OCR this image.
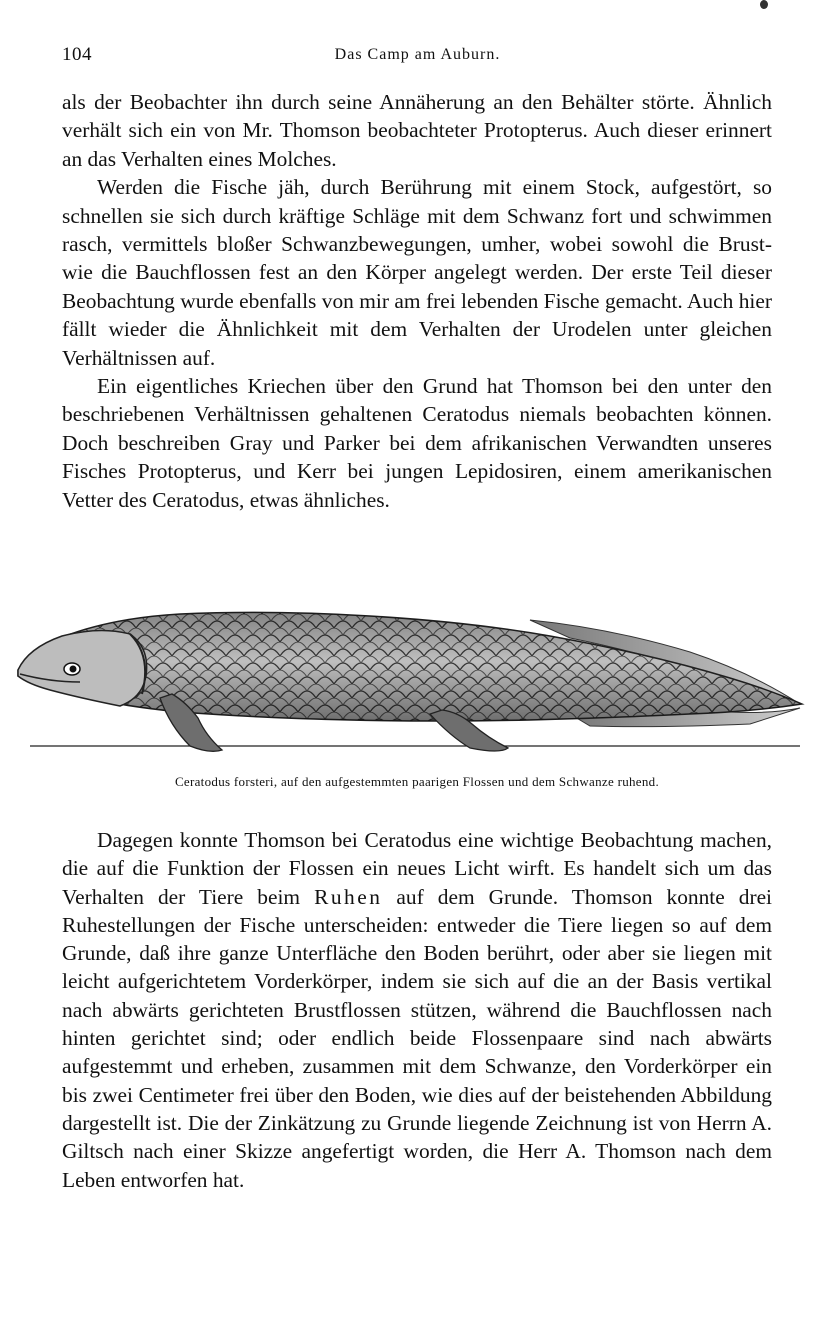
104	Das Camp am Auburn.

als der Beobachter ihn durch seine Annäherung an den Behälter störte. Ähnlich verhält sich ein von Mr. Thomson beobachteter Protopterus. Auch dieser erinnert an das Verhalten eines Molches.

Werden die Fische jäh, durch Berührung mit einem Stock, aufgestört, so schnellen sie sich durch kräftige Schläge mit dem Schwanz fort und schwimmen rasch, vermittels bloßer Schwanzbewegungen, umher, wobei sowohl die Brust- wie die Bauchflossen fest an den Körper angelegt werden. Der erste Teil dieser Beobachtung wurde ebenfalls von mir am frei lebenden Fische gemacht. Auch hier fällt wieder die Ähnlichkeit mit dem Verhalten der Urodelen unter gleichen Verhältnissen auf.

Ein eigentliches Kriechen über den Grund hat Thomson bei den unter den beschriebenen Verhältnissen gehaltenen Ceratodus niemals beobachten können. Doch beschreiben Gray und Parker bei dem afrikanischen Verwandten unseres Fisches Protopterus, und Kerr bei jungen Lepidosiren, einem amerikanischen Vetter des Ceratodus, etwas ähnliches.

Ceratodus forsteri, auf den aufgestemmten paarigen Flossen und dem Schwanze ruhend.

Dagegen konnte Thomson bei Ceratodus eine wichtige Beobachtung machen, die auf die Funktion der Flossen ein neues Licht wirft. Es handelt sich um das Verhalten der Tiere beim Ruhen auf dem Grunde. Thomson konnte drei Ruhestellungen der Fische unterscheiden: entweder die Tiere liegen so auf dem Grunde, daß ihre ganze Unterfläche den Boden berührt, oder aber sie liegen mit leicht aufgerichtetem Vorderkörper, indem sie sich auf die an der Basis vertikal nach abwärts gerichteten Brustflossen stützen, während die Bauchflossen nach hinten gerichtet sind; oder endlich beide Flossenpaare sind nach abwärts aufgestemmt und erheben, zusammen mit dem Schwanze, den Vorderkörper ein bis zwei Centimeter frei über den Boden, wie dies auf der beistehenden Abbildung dargestellt ist. Die der Zinkätzung zu Grunde liegende Zeichnung ist von Herrn A. Giltsch nach einer Skizze angefertigt worden, die Herr A. Thomson nach dem Leben entworfen hat.
